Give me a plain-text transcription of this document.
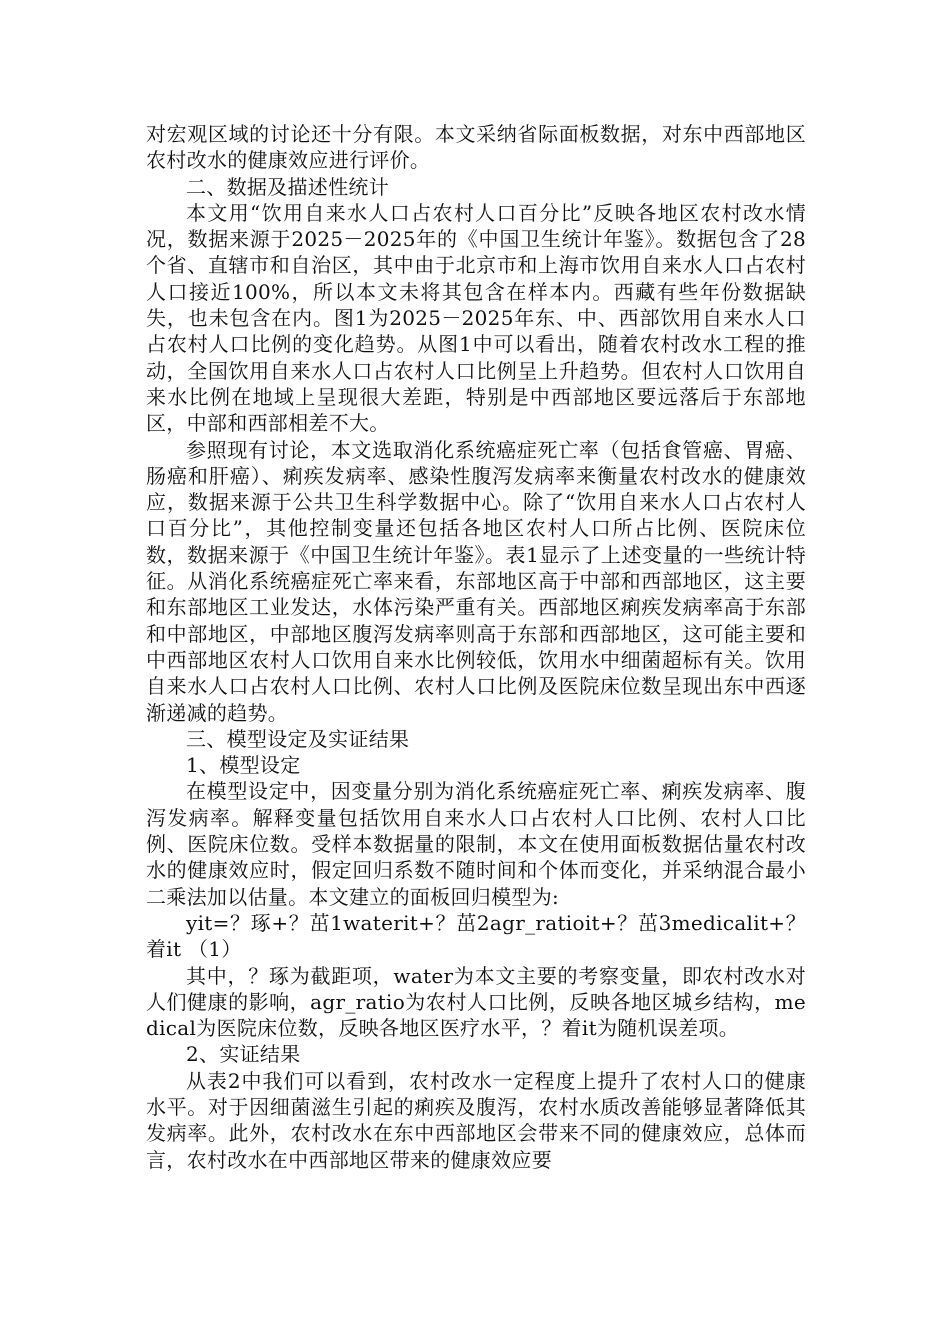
对宏观区域的讨论还十分有限。本文采纳省际面板数据，对东中西部地区农村改水的健康效应进行评价。

二、数据及描述性统计

本文用“饮用自来水人口占农村人口百分比”反映各地区农村改水情况，数据来源于2025－2025年的《中国卫生统计年鉴》。数据包含了28个省、直辖市和自治区，其中由于北京市和上海市饮用自来水人口占农村人口接近100%，所以本文未将其包含在样本内。西藏有些年份数据缺失，也未包含在内。图1为2025－2025年东、中、西部饮用自来水人口占农村人口比例的变化趋势。从图1中可以看出，随着农村改水工程的推动，全国饮用自来水人口占农村人口比例呈上升趋势。但农村人口饮用自来水比例在地域上呈现很大差距，特别是中西部地区要远落后于东部地区，中部和西部相差不大。

参照现有讨论，本文选取消化系统癌症死亡率（包括食管癌、胃癌、肠癌和肝癌）、痢疾发病率、感染性腹泻发病率来衡量农村改水的健康效应，数据来源于公共卫生科学数据中心。除了“饮用自来水人口占农村人口百分比”，其他控制变量还包括各地区农村人口所占比例、医院床位数，数据来源于《中国卫生统计年鉴》。表1显示了上述变量的一些统计特征。从消化系统癌症死亡率来看，东部地区高于中部和西部地区，这主要和东部地区工业发达，水体污染严重有关。西部地区痢疾发病率高于东部和中部地区，中部地区腹泻发病率则高于东部和西部地区，这可能主要和中西部地区农村人口饮用自来水比例较低，饮用水中细菌超标有关。饮用自来水人口占农村人口比例、农村人口比例及医院床位数呈现出东中西逐渐递减的趋势。

三、模型设定及实证结果

1、模型设定

在模型设定中，因变量分别为消化系统癌症死亡率、痢疾发病率、腹泻发病率。解释变量包括饮用自来水人口占农村人口比例、农村人口比例、医院床位数。受样本数据量的限制，本文在使用面板数据估量农村改水的健康效应时，假定回归系数不随时间和个体而变化，并采纳混合最小二乘法加以估量。本文建立的面板回归模型为:

yit=？琢+？茁1waterit+？茁2agr_ratioit+？茁3medicalit+？着it （1）

其中，？琢为截距项，water为本文主要的考察变量，即农村改水对人们健康的影响，agr_ratio为农村人口比例，反映各地区城乡结构，medical为医院床位数，反映各地区医疗水平，？着it为随机误差项。

2、实证结果

从表2中我们可以看到，农村改水一定程度上提升了农村人口的健康水平。对于因细菌滋生引起的痢疾及腹泻，农村水质改善能够显著降低其发病率。此外，农村改水在东中西部地区会带来不同的健康效应，总体而言，农村改水在中西部地区带来的健康效应要
